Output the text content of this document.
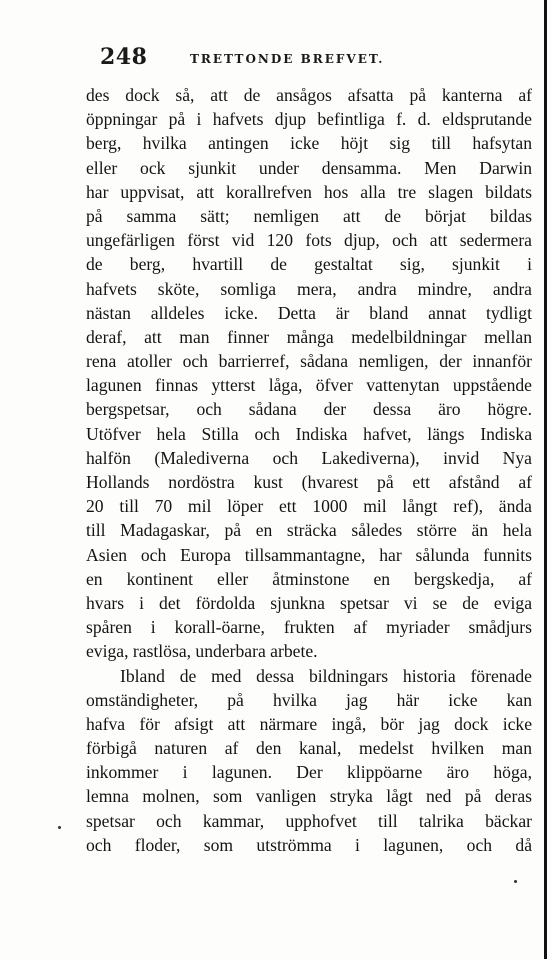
248	TRETTONDE BREFVET.
des dock så, att de ansågos afsatta på kanterna af
öppningar på i hafvets djup befintliga f. d. eldsprutande
berg, hvilka antingen icke höjt sig till hafsytan
eller ock sjunkit under densamma. Men Darwin
har uppvisat, att korallrefven hos alla tre slagen bildats
på samma sätt; nemligen att de börjat bildas
ungefärligen först vid 120 fots djup, och att sedermera
de berg, hvartill de gestaltat sig, sjunkit i
hafvets sköte, somliga mera, andra mindre, andra
nästan alldeles icke. Detta är bland annat tydligt
deraf, att man finner många medelbildningar mellan
rena atoller och barrierref, sådana nemligen, der innanför
lagunen finnas ytterst låga, öfver vattenytan uppstående
bergspetsar, och sådana der dessa äro högre.
Utöfver hela Stilla och Indiska hafvet, längs Indiska
halfön (Malediverna och Lakediverna), invid Nya
Hollands nordöstra kust (hvarest på ett afstånd af
20 till 70 mil löper ett 1000 mil långt ref), ända
till Madagaskar, på en sträcka således större än hela
Asien och Europa tillsammantagne, har sålunda funnits
en kontinent eller åtminstone en bergskedja, af
hvars i det fördolda sjunkna spetsar vi se de eviga
spåren i korall-öarne, frukten af myriader smådjurs
eviga, rastlösa, underbara arbete.
Ibland de med dessa bildningars historia förenade
omständigheter, på hvilka jag här icke kan
hafva för afsigt att närmare ingå, bör jag dock icke
förbigå naturen af den kanal, medelst hvilken man
inkommer i lagunen. Der klippöarne äro höga,
lemna molnen, som vanligen stryka lågt ned på deras
spetsar och kammar, upphofvet till talrika bäckar
och floder, som utströmma i lagunen, och då
